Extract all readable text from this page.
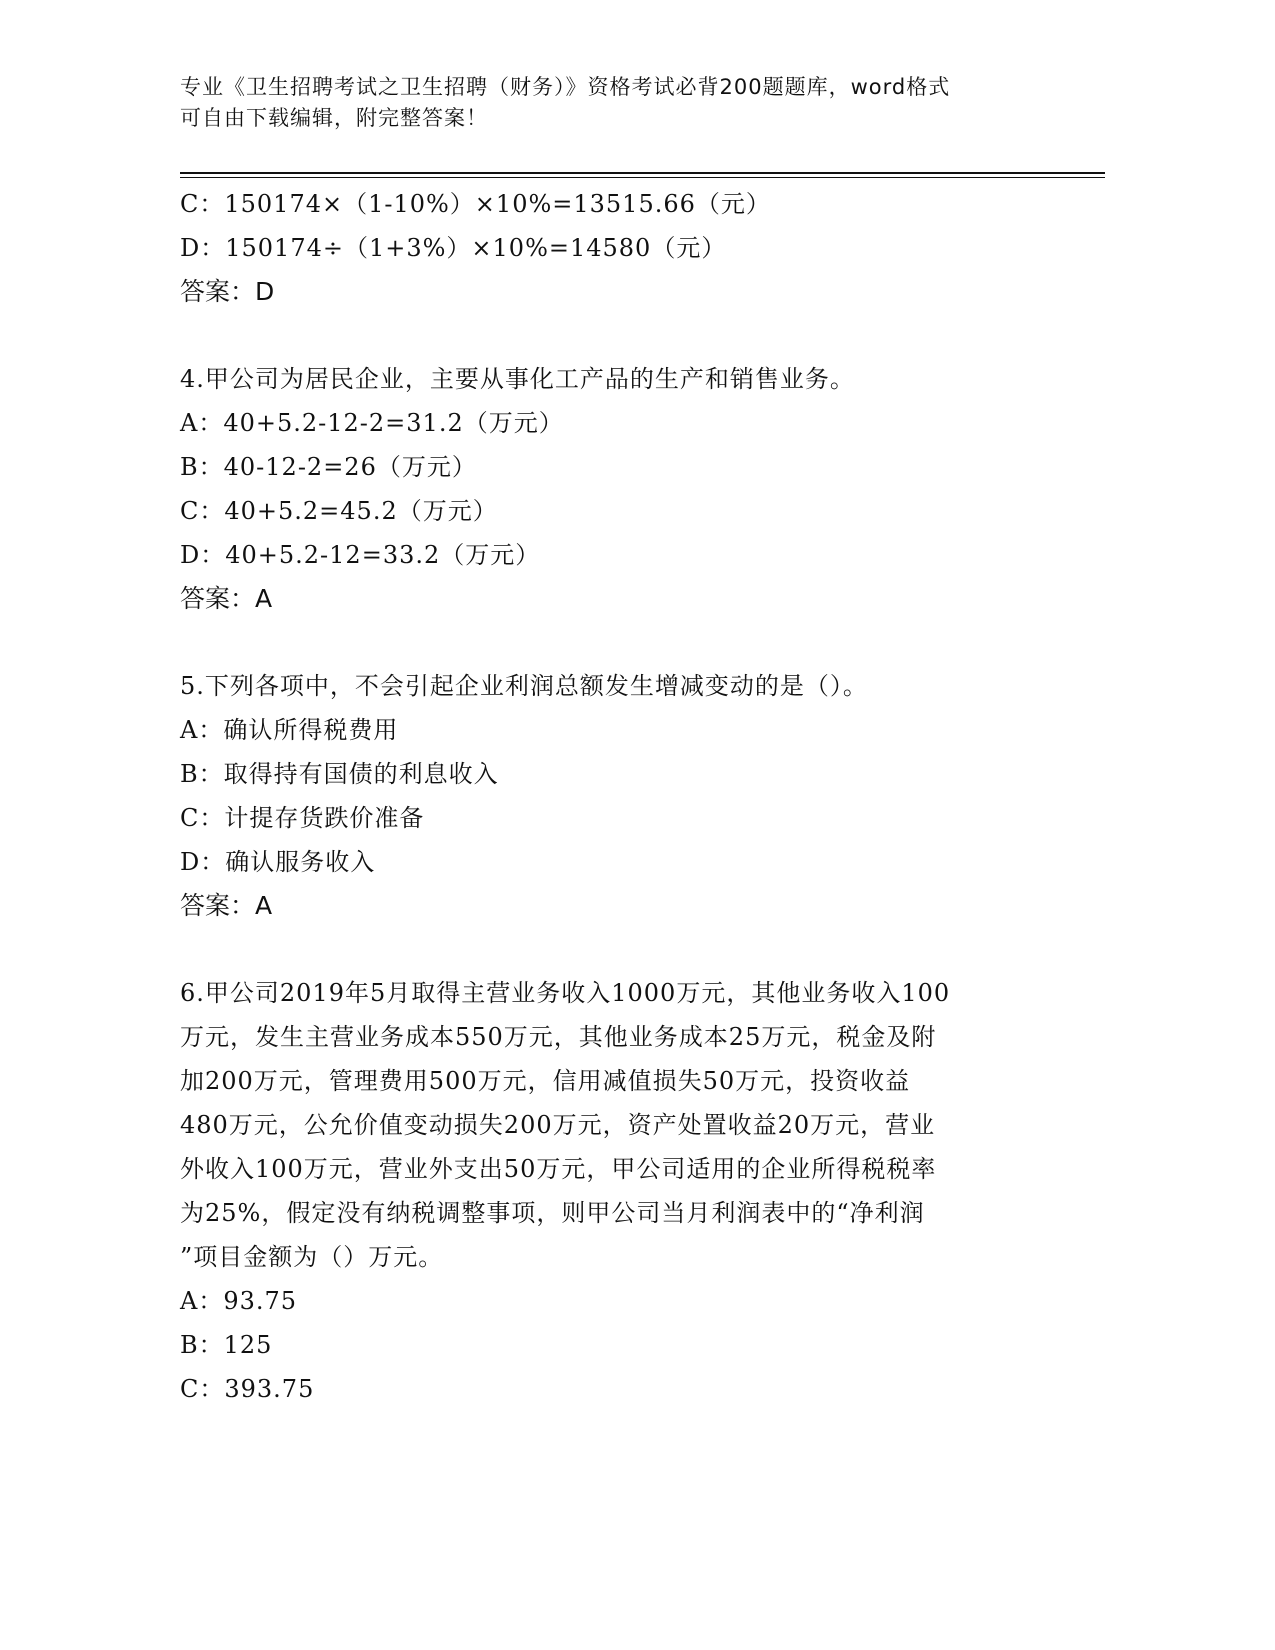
专业《卫生招聘考试之卫生招聘（财务）》资格考试必背200题题库，word格式
可自由下载编辑，附完整答案！

C：150174×（1-10%）×10%=13515.66（元）

D：150174÷（1+3%）×10%=14580（元）

答案：D

4.甲公司为居民企业，主要从事化工产品的生产和销售业务。

A：40+5.2-12-2=31.2（万元）

B：40-12-2=26（万元）

C：40+5.2=45.2（万元）

D：40+5.2-12=33.2（万元）

答案：A

5.下列各项中，不会引起企业利润总额发生增减变动的是（）。

A：确认所得税费用

B：取得持有国债的利息收入

C：计提存货跌价准备

D：确认服务收入

答案：A

6.甲公司2019年5月取得主营业务收入1000万元，其他业务收入100

万元，发生主营业务成本550万元，其他业务成本25万元，税金及附

加200万元，管理费用500万元，信用减值损失50万元，投资收益

480万元，公允价值变动损失200万元，资产处置收益20万元，营业

外收入100万元，营业外支出50万元，甲公司适用的企业所得税税率

为25%，假定没有纳税调整事项，则甲公司当月利润表中的“净利润

”项目金额为（）万元。

A：93.75

B：125

C：393.75
